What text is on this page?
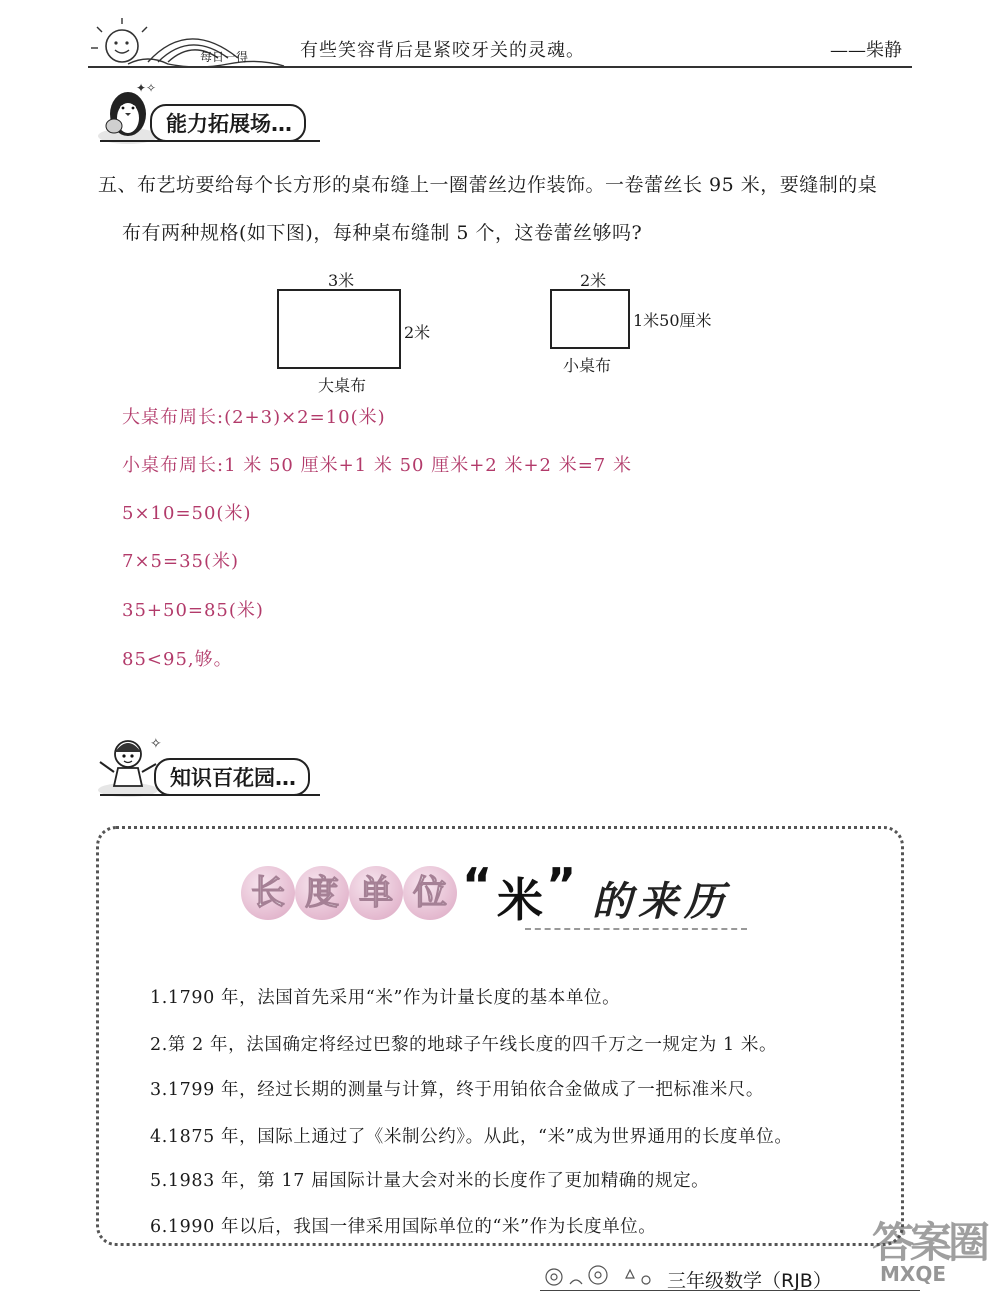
每日一得	有些笑容背后是紧咬牙关的灵魂。	——柴静
✦✧
能力拓展场…
五、布艺坊要给每个长方形的桌布缝上一圈蕾丝边作装饰。一卷蕾丝长 95 米，要缝制的桌
布有两种规格(如下图)，每种桌布缝制 5 个，这卷蕾丝够吗?
3米
2米
大桌布
2米
1米50厘米
小桌布
大桌布周长:(2+3)×2=10(米)
小桌布周长:1 米 50 厘米+1 米 50 厘米+2 米+2 米=7 米
5×10=50(米)
7×5=35(米)
35+50=85(米)
85<95,够。
✧
知识百花园…
长 度 单 位 “ 米 ” 的来历
1.1790 年，法国首先采用“米”作为计量长度的基本单位。
2.第 2 年，法国确定将经过巴黎的地球子午线长度的四千万之一规定为 1 米。
3.1799 年，经过长期的测量与计算，终于用铂依合金做成了一把标准米尺。
4.1875 年，国际上通过了《米制公约》。从此，“米”成为世界通用的长度单位。
5.1983 年，第 17 届国际计量大会对米的长度作了更加精确的规定。
6.1990 年以后，我国一律采用国际单位的“米”作为长度单位。
三年级数学（RJB）
答案圈
MXQE
